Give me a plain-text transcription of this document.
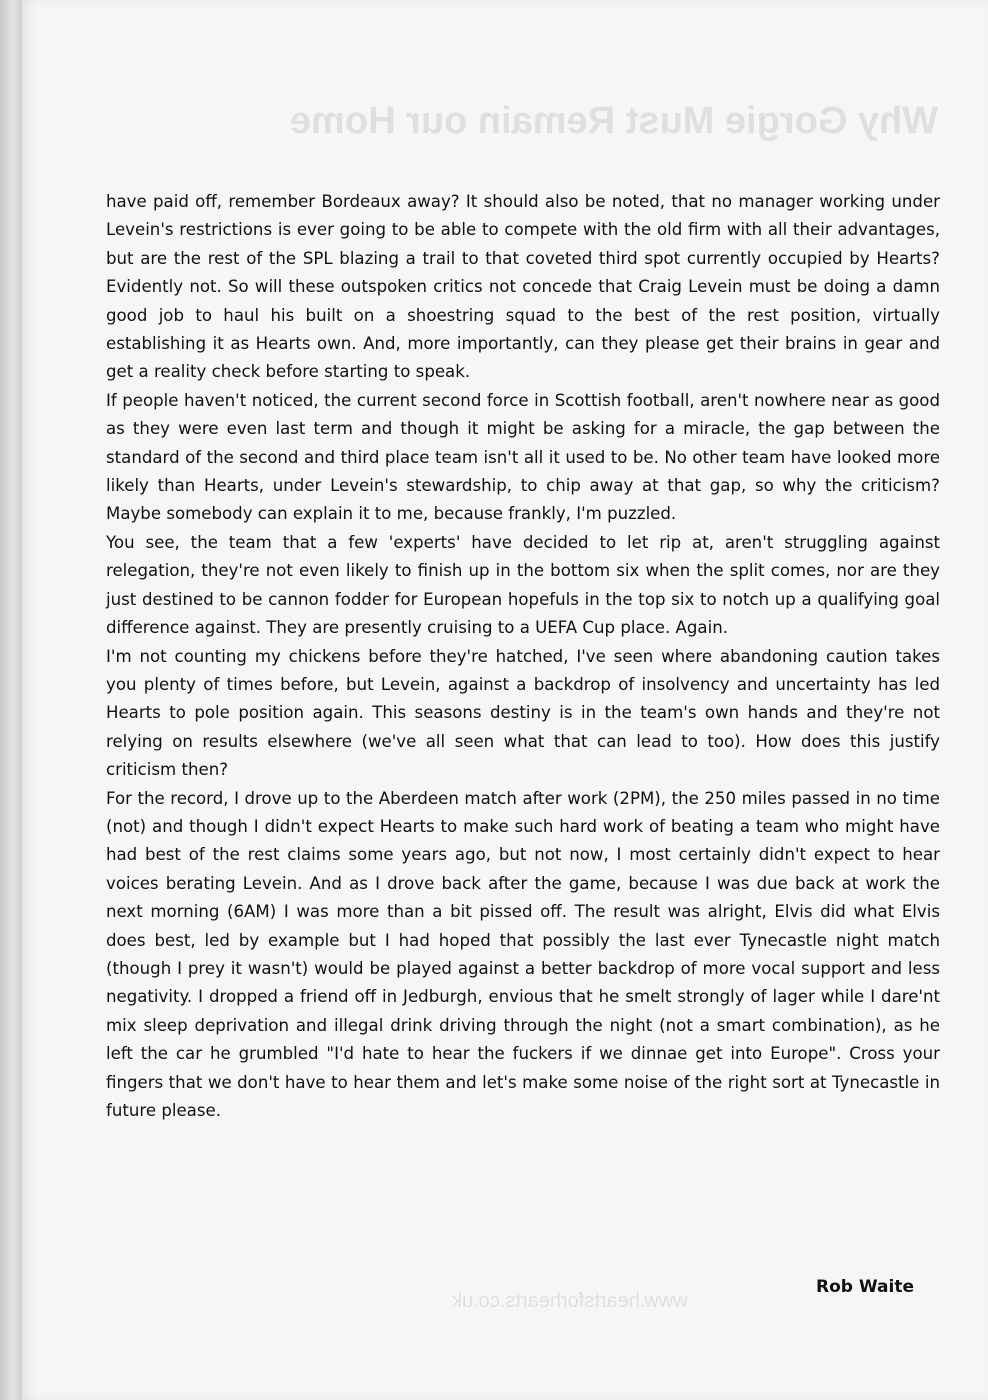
Why Gorgie Must Remain our Home
www.heartsforhearts.co.uk

have paid off, remember Bordeaux away? It should also be noted, that no manager working under Levein's restrictions is ever going to be able to compete with the old firm with all their advantages, but are the rest of the SPL blazing a trail to that coveted third spot currently occupied by Hearts? Evidently not. So will these outspoken critics not concede that Craig Levein must be doing a damn good job to haul his built on a shoestring squad to the best of the rest position, virtually establishing it as Hearts own. And, more importantly, can they please get their brains in gear and get a reality check before starting to speak.

If people haven't noticed, the current second force in Scottish football, aren't nowhere near as good as they were even last term and though it might be asking for a miracle, the gap between the standard of the second and third place team isn't all it used to be. No other team have looked more likely than Hearts, under Levein's stewardship, to chip away at that gap, so why the criticism? Maybe somebody can explain it to me, because frankly, I'm puzzled.

You see, the team that a few 'experts' have decided to let rip at, aren't struggling against relegation, they're not even likely to finish up in the bottom six when the split comes, nor are they just destined to be cannon fodder for European hopefuls in the top six to notch up a qualifying goal difference against. They are presently cruising to a UEFA Cup place. Again.

I'm not counting my chickens before they're hatched, I've seen where abandoning caution takes you plenty of times before, but Levein, against a backdrop of insolvency and uncertainty has led Hearts to pole position again. This seasons destiny is in the team's own hands and they're not relying on results elsewhere (we've all seen what that can lead to too). How does this justify criticism then?

For the record, I drove up to the Aberdeen match after work (2PM), the 250 miles passed in no time (not) and though I didn't expect Hearts to make such hard work of beating a team who might have had best of the rest claims some years ago, but not now, I most certainly didn't expect to hear voices berating Levein. And as I drove back after the game, because I was due back at work the next morning (6AM) I was more than a bit pissed off. The result was alright, Elvis did what Elvis does best, led by example but I had hoped that possibly the last ever Tynecastle night match (though I prey it wasn't) would be played against a better backdrop of more vocal support and less negativity. I dropped a friend off in Jedburgh, envious that he smelt strongly of lager while I dare'nt mix sleep deprivation and illegal drink driving through the night (not a smart combination), as he left the car he grumbled "I'd hate to hear the fuckers if we dinnae get into Europe". Cross your fingers that we don't have to hear them and let's make some noise of the right sort at Tynecastle in future please.

Rob Waite
